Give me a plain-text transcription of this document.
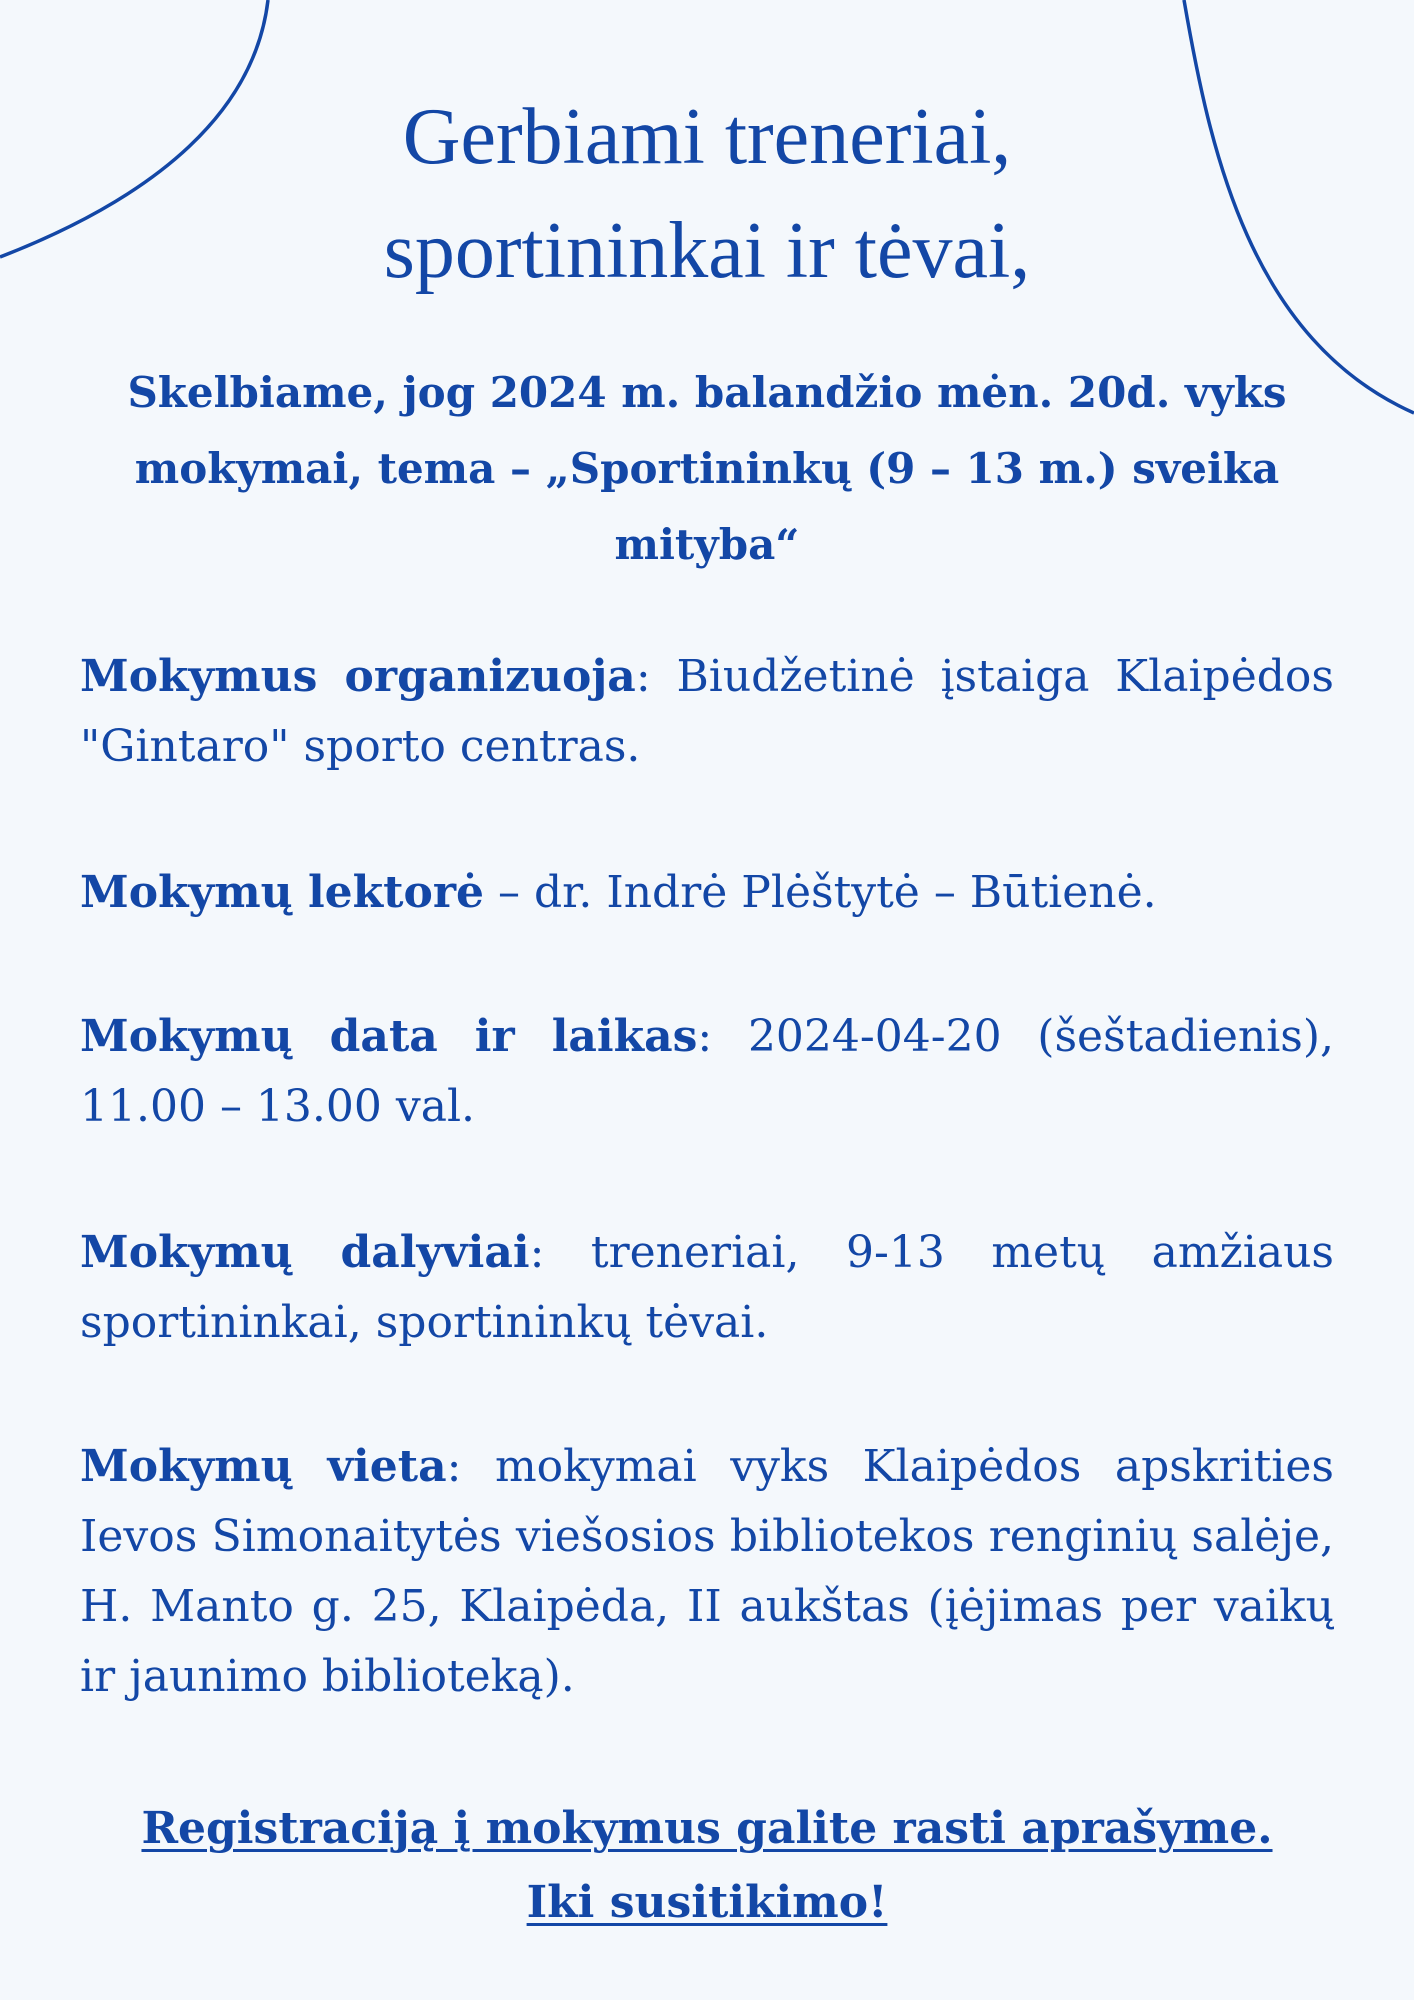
Gerbiami treneriai,
sportininkai ir tėvai,

Skelbiame, jog 2024 m. balandžio mėn. 20d. vyks mokymai, tema – „Sportininkų (9 – 13 m.) sveika mityba“

Mokymus organizuoja: Biudžetinė įstaiga Klaipėdos "Gintaro" sporto centras.

Mokymų lektorė – dr. Indrė Plėštytė – Būtienė.

Mokymų data ir laikas: 2024-04-20 (šeštadienis), 11.00 – 13.00 val.

Mokymų dalyviai: treneriai, 9-13 metų amžiaus sportininkai, sportininkų tėvai.

Mokymų vieta: mokymai vyks Klaipėdos apskrities Ievos Simonaitytės viešosios bibliotekos renginių salėje, H. Manto g. 25, Klaipėda, II aukštas (įėjimas per vaikų ir jaunimo biblioteką).

Registraciją į mokymus galite rasti aprašyme.
Iki susitikimo!
